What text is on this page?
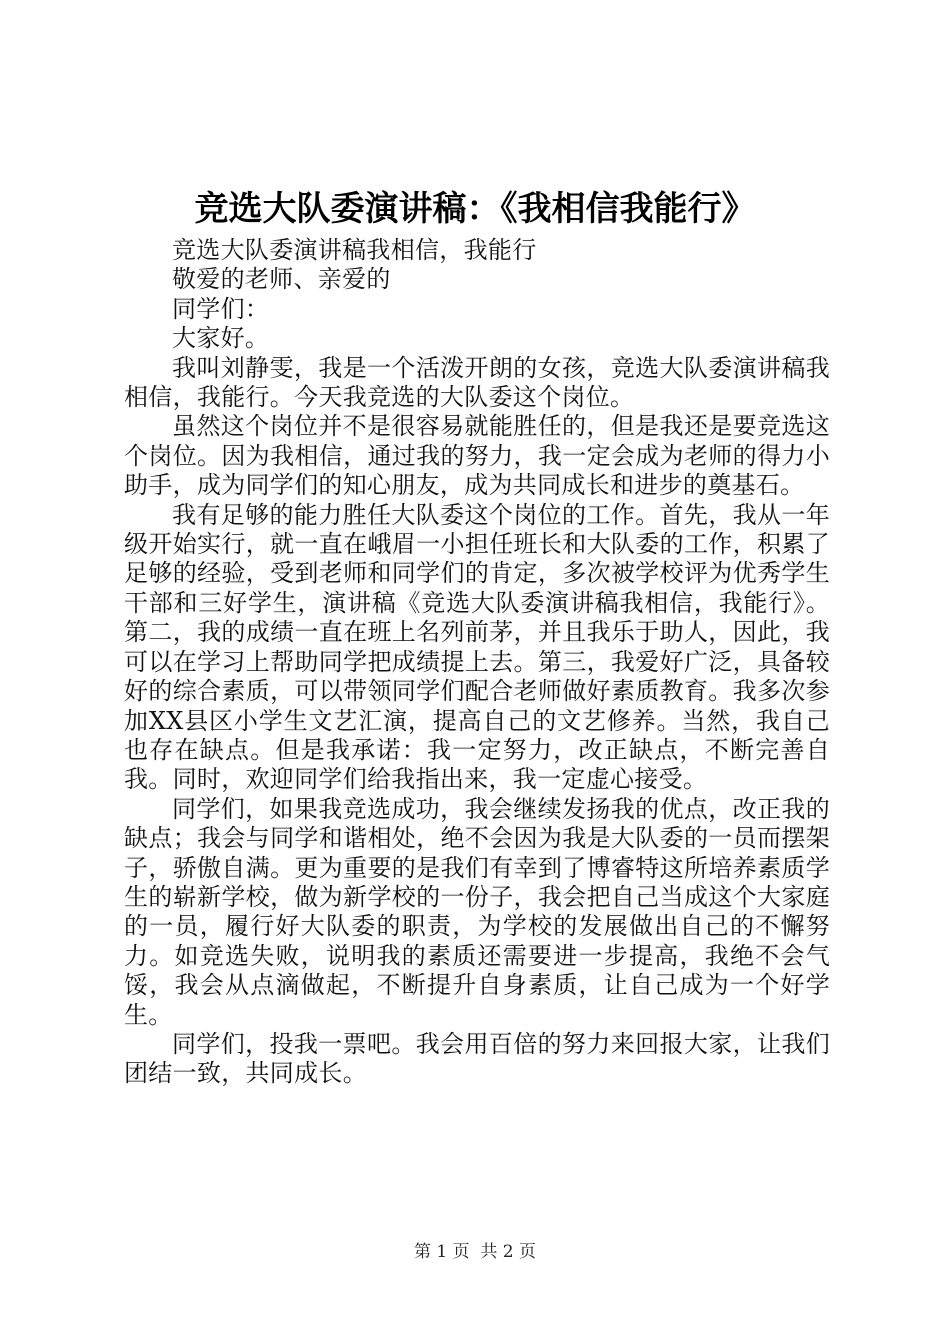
竞选大队委演讲稿：《我相信我能行》

竞选大队委演讲稿我相信，我能行

敬爱的老师、亲爱的

同学们：

大家好。

我叫刘静雯，我是一个活泼开朗的女孩，竞选大队委演讲稿我相信，我能行。今天我竞选的大队委这个岗位。

虽然这个岗位并不是很容易就能胜任的，但是我还是要竞选这个岗位。因为我相信，通过我的努力，我一定会成为老师的得力小助手，成为同学们的知心朋友，成为共同成长和进步的奠基石。

我有足够的能力胜任大队委这个岗位的工作。首先，我从一年级开始实行，就一直在峨眉一小担任班长和大队委的工作，积累了足够的经验，受到老师和同学们的肯定，多次被学校评为优秀学生干部和三好学生，演讲稿《竞选大队委演讲稿我相信，我能行》。第二，我的成绩一直在班上名列前茅，并且我乐于助人，因此，我可以在学习上帮助同学把成绩提上去。第三，我爱好广泛，具备较好的综合素质，可以带领同学们配合老师做好素质教育。我多次参加XX县区小学生文艺汇演，提高自己的文艺修养。当然，我自己也存在缺点。但是我承诺：我一定努力，改正缺点，不断完善自我。同时，欢迎同学们给我指出来，我一定虚心接受。

同学们，如果我竞选成功，我会继续发扬我的优点，改正我的缺点；我会与同学和谐相处，绝不会因为我是大队委的一员而摆架子，骄傲自满。更为重要的是我们有幸到了博睿特这所培养素质学生的崭新学校，做为新学校的一份子，我会把自己当成这个大家庭的一员，履行好大队委的职责，为学校的发展做出自己的不懈努力。如竞选失败，说明我的素质还需要进一步提高，我绝不会气馁，我会从点滴做起，不断提升自身素质，让自己成为一个好学生。

同学们，投我一票吧。我会用百倍的努力来回报大家，让我们团结一致，共同成长。

第 1 页  共 2 页
